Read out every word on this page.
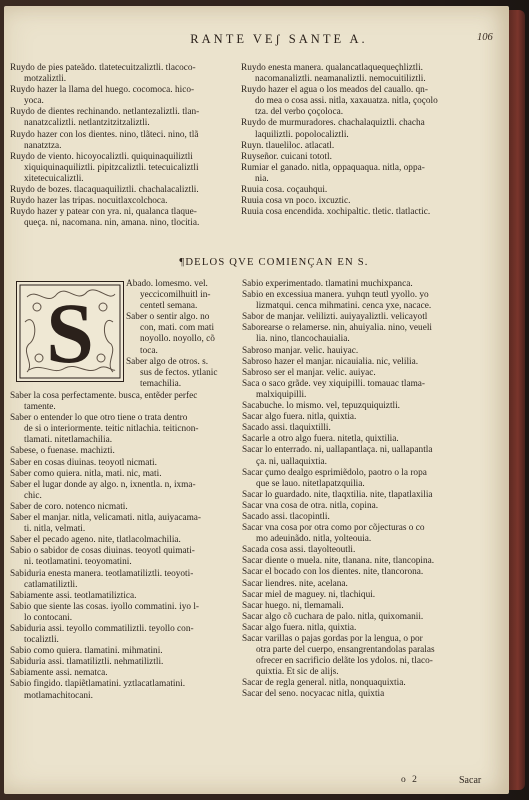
RANTE VEʃ SANTE A.	106

Ruydo de pies pateãdo. tlatetecuitzaliztli. tlacoco-

motzaliztli.

Ruydo hazer la llama del huego. cocomoca. hico-

yoca.

Ruydo de dientes rechinando. netlantezaliztli. tlan-

nanatzcaliztli. netlantzitzitzaliztli.

Ruydo hazer con los dientes. nino, tlãteci. nino, tlã

nanatztza.

Ruydo de viento. hicoyocaliztli. quiquinaquiliztli

xiquiquinaquiliztli. pipitzcaliztli. tetecuicaliztli

xitetecuicaliztli.

Ruydo de bozes. tlacaquaquiliztli. chachalacaliztli.

Ruydo hazer las tripas. nocuitlaxcolchoca.

Ruydo hazer y patear con yra. ni, qualanca tlaque-

queça. ni, nacomana. nin, amana. nino, tlocitia.

Ruydo enesta manera. qualancatlaquequeçhliztli.

nacomanaliztli. neamanaliztli. nemocuitiliztli.

Ruydo hazer el agua o los meados del cauallo. qn-

do mea o cosa assi. nitla, xaxauatza. nitla, çoçolo

tza. del verbo çoçoloca.

Ruydo de murmuradores. chachalaquiztli. chacha

laquiliztli. popolocaliztli.

Ruyn. tlaueliloc. atlacatl.

Ruyseñor. cuicani tototl.

Rumiar el ganado. nitla, oppaquaqua. nitla, oppa-

nia.

Ruuia cosa. coçauhqui.

Ruuia cosa vn poco. ixcuztic.

Ruuia cosa encendida. xochipaltic. tletic. tlatlactic.

¶DELOS QVE COMIENÇAN EN S.
S

Abado. lomesmo. vel.

yeccicomilhuitl in-

centetl semana.

Saber o sentir algo. no

con, mati. com mati

noyollo. noyollo, cõ

toca.

Saber algo de otros. s.

sus de fectos. ytlanic

temachilia.

Saber la cosa perfectamente. busca, entẽder perfec

tamente.

Saber o entender lo que otro tiene o trata dentro

de si o interiormente. teitic nitlachia. teiticnon-

tlamati. nitetlamachilia.

Sabese, o fuenase. machizti.

Saber en cosas diuinas. teoyotl nicmati.

Saber como quiera. nitla, mati. nic, mati.

Saber el lugar donde ay algo. n, ixnentla. n, ixma-

chic.

Saber de coro. notenco nicmati.

Saber el manjar. nitla, velicamati. nitla, auiyacama-

ti. nitla, velmati.

Saber el pecado ageno. nite, tlatlacolmachilia.

Sabio o sabidor de cosas diuinas. teoyotl quimati-

ni. teotlamatini. teoyomatini.

Sabiduria enesta manera. teotlamatiliztli. teoyoti-

catlamatiliztli.

Sabiamente assi. teotlamatiliztica.

Sabio que siente las cosas. iyollo commatini. iyo l-

lo contocani.

Sabiduria assi. teyollo commatiliztli. teyollo con-

tocaliztli.

Sabio como quiera. tlamatini. mihmatini.

Sabiduria assi. tlamatiliztli. nehmatiliztli.

Sabiamente assi. nematca.

Sabio fingido. tlapiẽtlamatini. yztlacatlamatini.

motlamachitocani.

Sabio experimentado. tlamatini muchixpanca.

Sabio en excessiua manera. yuhqn teutl yyollo. yo

lizmatqui. cenca mihmatini. cenca yxe, nacace.

Sabor de manjar. velilizti. auiyayaliztli. velicayotl

Saborearse o relamerse. nin, ahuiyalia. nino, veueli

lia. nino, tlancochauialia.

Sabroso manjar. velic. hauiyac.

Sabroso hazer el manjar. nicauialia. nic, velilia.

Sabroso ser el manjar. velic. auiyac.

Saca o saco grãde. vey xiquipilli. tomauac tlama-

malxiquipilli.

Sacabuche. lo mismo. vel, tepuzquiquiztli.

Sacar algo fuera. nitla, quixtia.

Sacado assi. tlaquixtilli.

Sacarle a otro algo fuera. nitetla, quixtilia.

Sacar lo enterrado. ni, uallapantlaça. ni, uallapantla

ça. ni, uallaquixtia.

Sacar çumo dealgo esprimiẽdolo, paotro o la ropa

que se lauo. nitetlapatzquilia.

Sacar lo guardado. nite, tlaqxtilia. nite, tlapatlaxilia

Sacar vna cosa de otra. nitla, copina.

Sacado assi. tlacopintli.

Sacar vna cosa por otra como por cõjecturas o co

mo adeuinãdo. nitla, yolteouia.

Sacada cosa assi. tlayolteoutli.

Sacar diente o muela. nite, tlanana. nite, tlancopina.

Sacar el bocado con los dientes. nite, tlancorona.

Sacar liendres. nite, acelana.

Sacar miel de maguey. ni, tlachiqui.

Sacar huego. ni, tlemamali.

Sacar algo cõ cuchara de palo. nitla, quixomanii.

Sacar algo fuera. nitla, quixtia.

Sacar varillas o pajas gordas por la lengua, o por

otra parte del cuerpo, ensangrentandolas paralas

ofrecer en sacrificio delãte los ydolos. ni, tlaco-

quixtia. Et sic de alijs.

Sacar de regla general. nitla, nonquaquixtia.

Sacar del seno. nocyacac nitla, quixtia

o 2	Sacar
